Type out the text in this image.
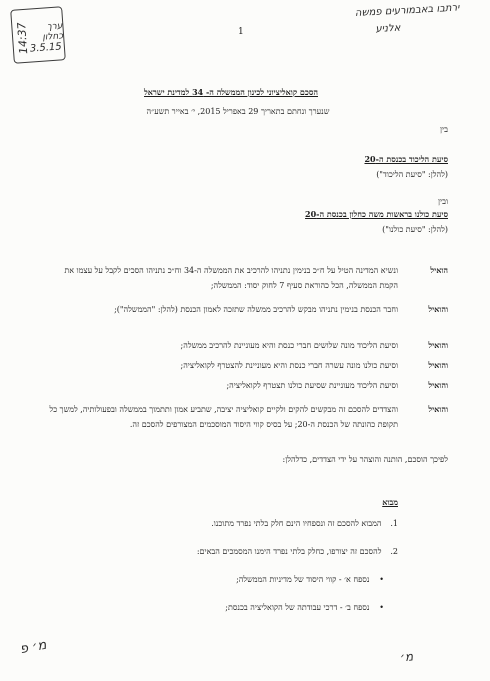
ירתבו באבמורעים פמשה
אלניע
14:37	ערך כחלון
3.5.15
1
הסכם קואליציוני לכינון הממשלה ה- 34 למדינת ישראל
שנערך ונחתם בתאריך 29 באפריל 2015, י׳ באייר תשע״ה
בין
סיעת הליכוד בכנסת ה-20
(להלן: "סיעת הליכוד")
ובין
סיעת כולנו בראשות משה כחלון בכנסת ה-20
(להלן: "סיעת כולנו")
הואיל
ונשיא המדינה הטיל על ח״כ בנימין נתניהו להרכיב את הממשלה ה-34 וח״כ נתניהו הסכים לקבל על עצמו את הקמת הממשלה, הכל כהוראת סעיף 7 לחוק יסוד: הממשלה;
והואיל
וחבר הכנסת בנימין נתניהו מבקש להרכיב ממשלה שתזכה לאמון הכנסת (להלן: "הממשלה");
והואיל
וסיעת הליכוד מונה שלושים חברי כנסת והיא מעוניינת להרכיב ממשלה;
והואיל
וסיעת כולנו מונה עשרה חברי כנסת והיא מעוניינת להצטרף לקואליציה;
והואיל
וסיעת הליכוד מעוניינת שסיעת כולנו תצטרף לקואליציה;
והואיל
והצדדים להסכם זה מבקשים להקים ולקיים קואליציה יציבה, שתביע אמון ותתמוך בממשלה ובפעולותיה, למשך כל תקופת כהונתה של הכנסת ה-20; על בסיס קווי היסוד המוסכמים המצורפים להסכם זה.
לפיכך הוסכם, הותנה והוצהר על ידי הצדדים, כדלהלן:
מבוא
1. המבוא להסכם זה ונספחיו הינם חלק בלתי נפרד מתוכנו.
2. להסכם זה יצורפו, כחלק בלתי נפרד הימנו המסמכים הבאים:
• נספח א׳ - קווי היסוד של מדיניות הממשלה;
• נספח ב׳ - דרכי עבודתה של הקואליציה בכנסת;
מ׳ פ	מ׳
